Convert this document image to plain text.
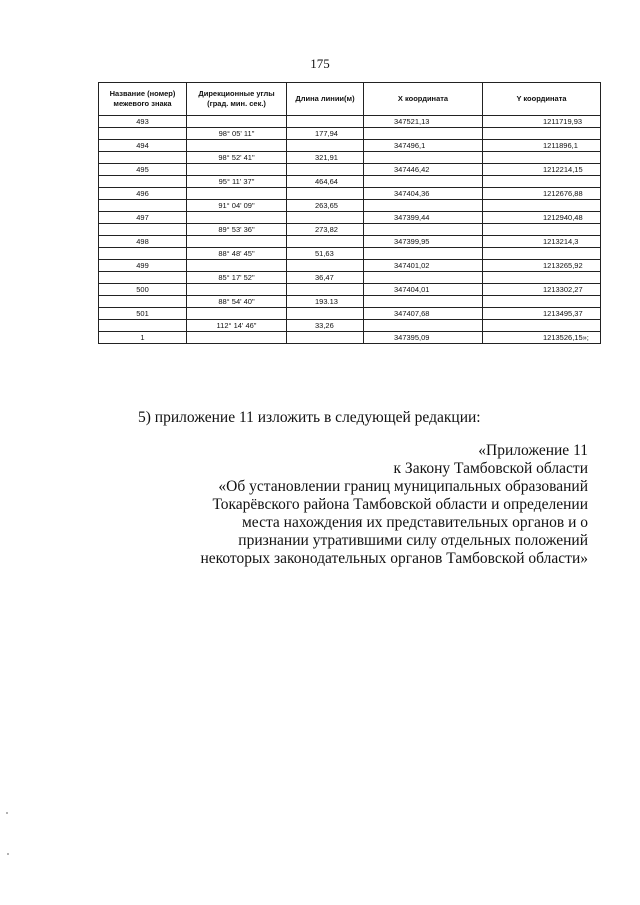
175
Название (номер) межевого знака	Дирекционные углы (град. мин. сек.)	Длина линии(м)	X координата	Y координата
493			347521,13	1211719,93
	98° 05' 11"	177,94		
494			347496,1	1211896,1
	98° 52' 41"	321,91		
495			347446,42	1212214,15
	95° 11' 37"	464,64		
496			347404,36	1212676,88
	91° 04' 09"	263,65		
497			347399,44	1212940,48
	89° 53' 36"	273,82		
498			347399,95	1213214,3
	88° 48' 45"	51,63		
499			347401,02	1213265,92
	85° 17' 52"	36,47		
500			347404,01	1213302,27
	88° 54' 40"	193.13		
501			347407,68	1213495,37
	112° 14' 46"	33,26		
1			347395,09	1213526,15»;
5) приложение 11 изложить в следующей редакции:
«Приложение 11
к Закону Тамбовской области
«Об установлении границ муниципальных образований
Токарёвского района Тамбовской области и определении
места нахождения их представительных органов и о
признании утратившими силу отдельных положений
некоторых законодательных органов Тамбовской области»
